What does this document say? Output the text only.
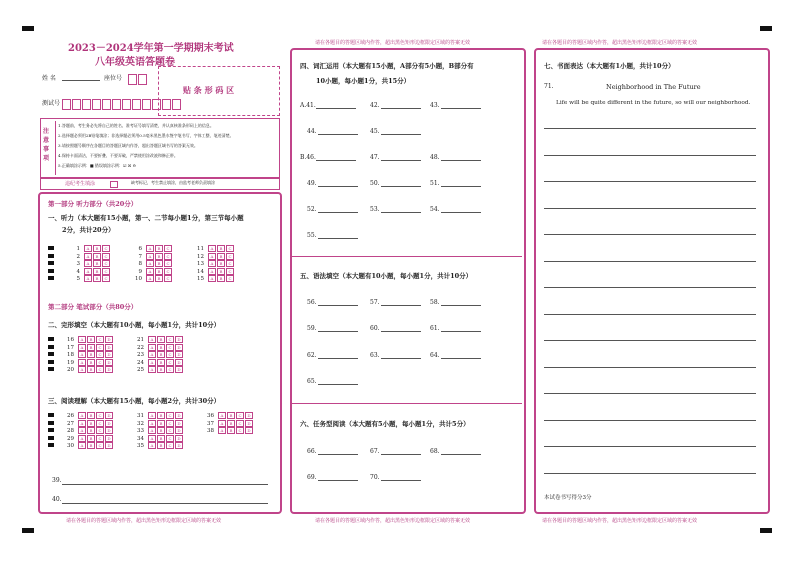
2023－2024学年第一学期期末考试
八年级英语答题卷
姓 名	座位号
测试号
贴 条 形 码 区
注意事项
1.答题前，考生务必先将自己的姓名、准考证号填写清楚，并认真核准条形码上的信息。
2.选择题必须用2B铅笔填涂；非选择题必须用0.5毫米黑色墨水签字笔书写，字体工整、笔迹清楚。
3.请按照题号顺序在各题目的答题区域内作答，超出答题区域书写的答案无效。
4.保持卡面清洁，不要折叠、不要弄破，严禁使用涂改液和修正带。
5.正确填涂示例：■ 错误填涂示例：☑ ☒ ⊖
违纪考生填涂	缺考标记，考生禁止填涂，由监考老师负责填涂
第一部分 听力部分（共20分）
一、听力（本大题有15小题，第一、二节每小题1分，第三节每小题
2分，共计20分）
1 A B C
2 A B C
3 A B C
4 A B C
5 A B C
6 A B C
7 A B C
8 A B C
9 A B C
10 A B C
11 A B C
12 A B C
13 A B C
14 A B C
15 A B C
第二部分 笔试部分（共80分）
二、完形填空（本大题有10小题，每小题1分，共计10分）
16 A B C D
17 A B C D
18 A B C D
19 A B C D
20 A B C D
21 A B C D
22 A B C D
23 A B C D
24 A B C D
25 A B C D
三、阅读理解（本大题有15小题，每小题2分，共计30分）
26 A B C D
27 A B C D
28 A B C D
29 A B C D
30 A B C D
31 A B C D
32 A B C D
33 A B C D
34 A B C D
35 A B C D
36 A B C D
37 A B C D
38 A B C D
39.
40.
请在各题目的答题区域内作答，超出黑色矩形边框限定区域的答案无效
请在各题目的答题区域内作答，超出黑色矩形边框限定区域的答案无效
四、词汇运用（本大题有15小题，A部分有5小题，B部分有
10小题，每小题1分，共15分）
A.41.	42.	43.
44.	45.
B.46.	47.	48.
49.	50.	51.
52.	53.	54.
55.
五、语法填空（本大题有10小题，每小题1分，共计10分）
56.	57.	58.
59.	60.	61.
62.	63.	64.
65.
六、任务型阅读（本大题有5小题，每小题1分，共计5分）
66.	67.	68.
69.	70.
请在各题目的答题区域内作答，超出黑色矩形边框限定区域的答案无效
请在各题目的答题区域内作答，超出黑色矩形边框限定区域的答案无效
七、书面表达（本大题有1小题，共计10分）
71.	Neighborhood in The Future
Life will be quite different in the future, so will our neighborhood.
本试卷书写得分3分
请在各题目的答题区域内作答，超出黑色矩形边框限定区域的答案无效
